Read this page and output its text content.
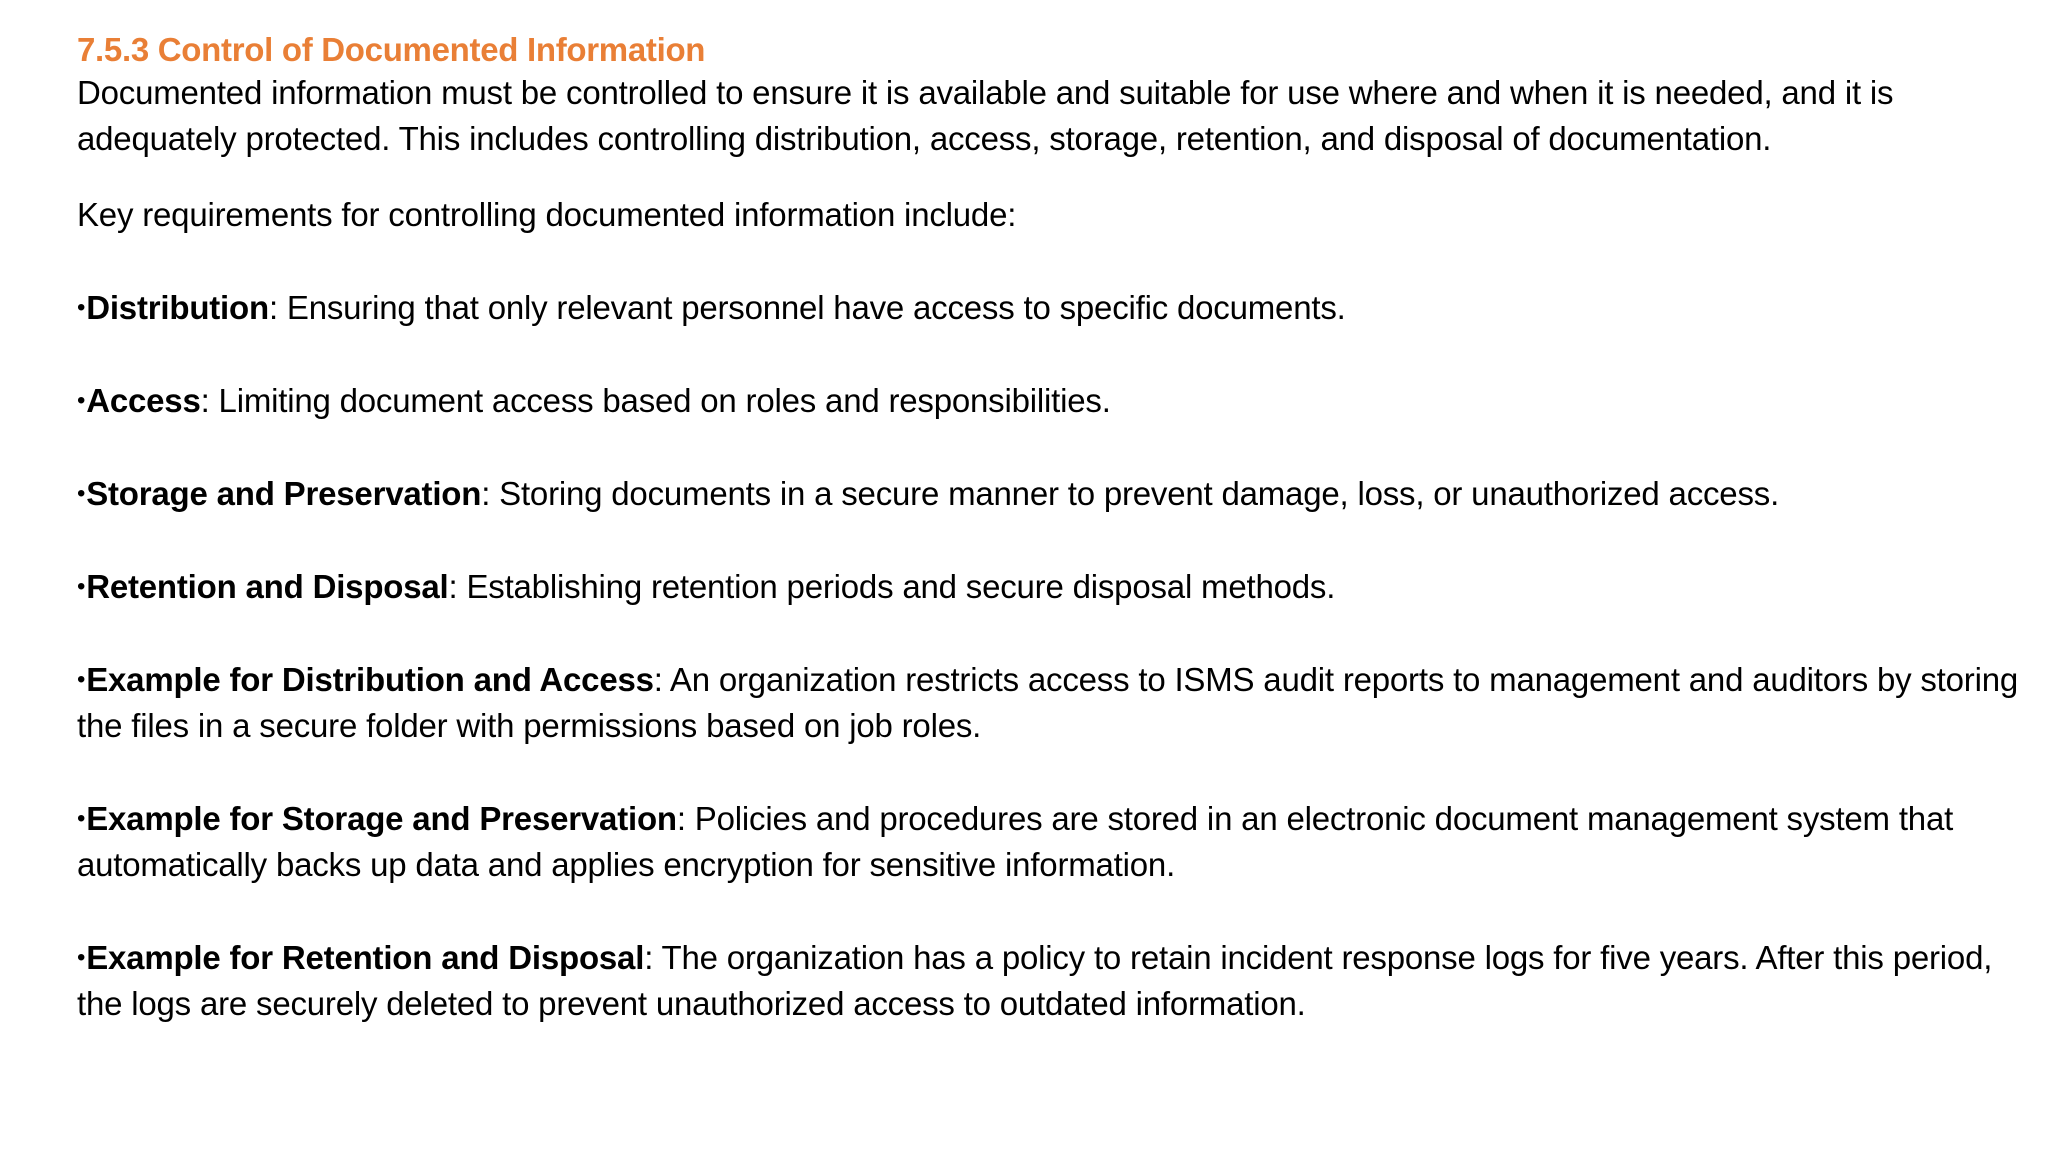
7.5.3 Control of Documented Information

Documented information must be controlled to ensure it is available and suitable for use where and when it is needed, and it is adequately protected. This includes controlling distribution, access, storage, retention, and disposal of documentation.

Key requirements for controlling documented information include:

•Distribution: Ensuring that only relevant personnel have access to specific documents.
•Access: Limiting document access based on roles and responsibilities.
•Storage and Preservation: Storing documents in a secure manner to prevent damage, loss, or unauthorized access.
•Retention and Disposal: Establishing retention periods and secure disposal methods.
•Example for Distribution and Access: An organization restricts access to ISMS audit reports to management and auditors by storing the files in a secure folder with permissions based on job roles.
•Example for Storage and Preservation: Policies and procedures are stored in an electronic document management system that automatically backs up data and applies encryption for sensitive information.
•Example for Retention and Disposal: The organization has a policy to retain incident response logs for five years. After this period, the logs are securely deleted to prevent unauthorized access to outdated information.
